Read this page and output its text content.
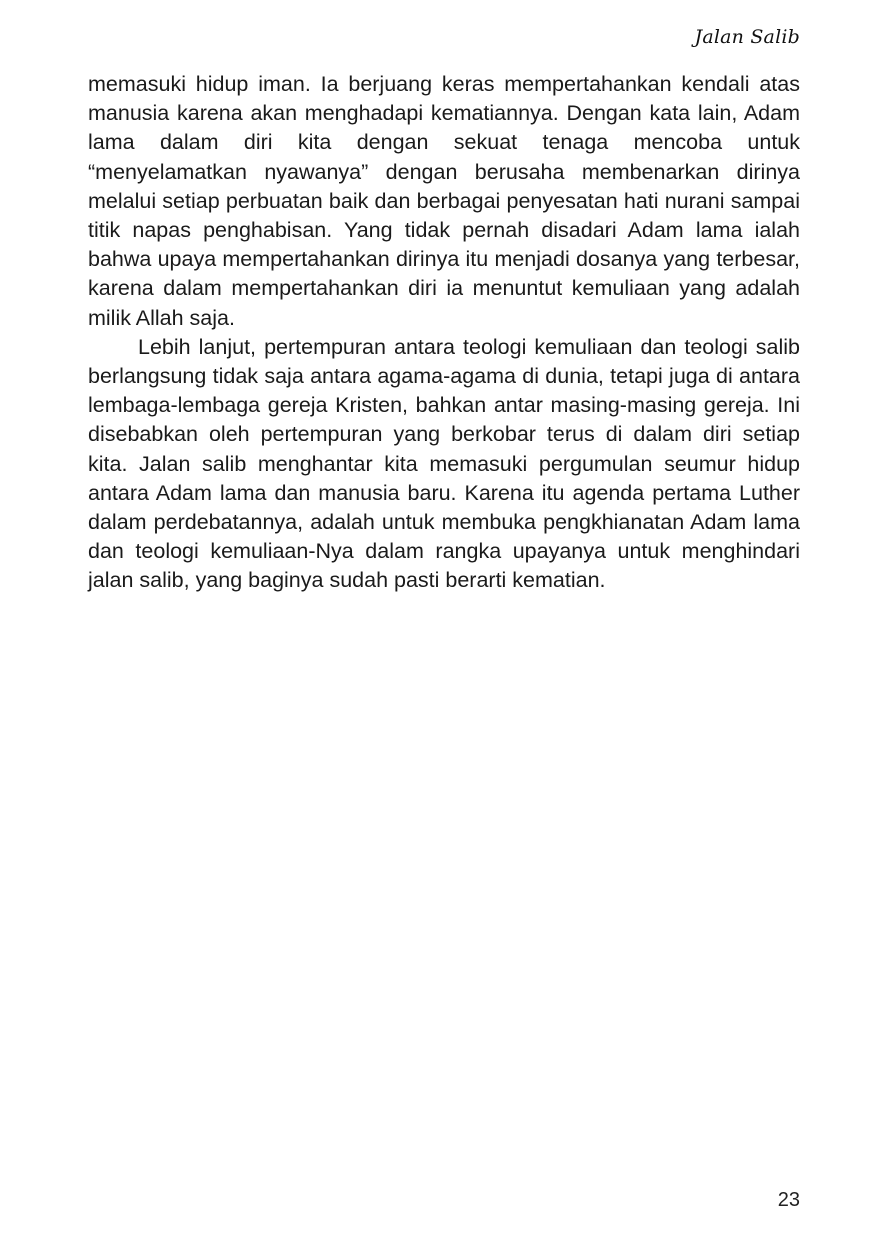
Jalan Salib

memasuki hidup iman. Ia berjuang keras mempertahankan kendali atas manusia karena akan menghadapi kematiannya. Dengan kata lain, Adam lama dalam diri kita dengan sekuat tenaga mencoba untuk “menyelamatkan nyawanya” dengan berusaha membenarkan dirinya melalui setiap perbuatan baik dan berbagai penyesatan hati nurani sampai titik napas penghabisan. Yang tidak pernah disadari Adam lama ialah bahwa upaya mempertahankan dirinya itu menjadi dosanya yang terbesar, karena dalam mempertahankan diri ia menuntut kemuliaan yang adalah milik Allah saja.

Lebih lanjut, pertempuran antara teologi kemuliaan dan teologi salib berlangsung tidak saja antara agama-agama di dunia, tetapi juga di antara lembaga-lembaga gereja Kristen, bahkan antar masing-masing gereja. Ini disebabkan oleh pertempuran yang berkobar terus di dalam diri setiap kita. Jalan salib menghantar kita memasuki pergumulan seumur hidup antara Adam lama dan manusia baru. Karena itu agenda pertama Luther dalam perdebatannya, adalah untuk membuka pengkhianatan Adam lama dan teologi kemuliaan-Nya dalam rangka upayanya untuk menghindari jalan salib, yang baginya sudah pasti berarti kematian.

23
